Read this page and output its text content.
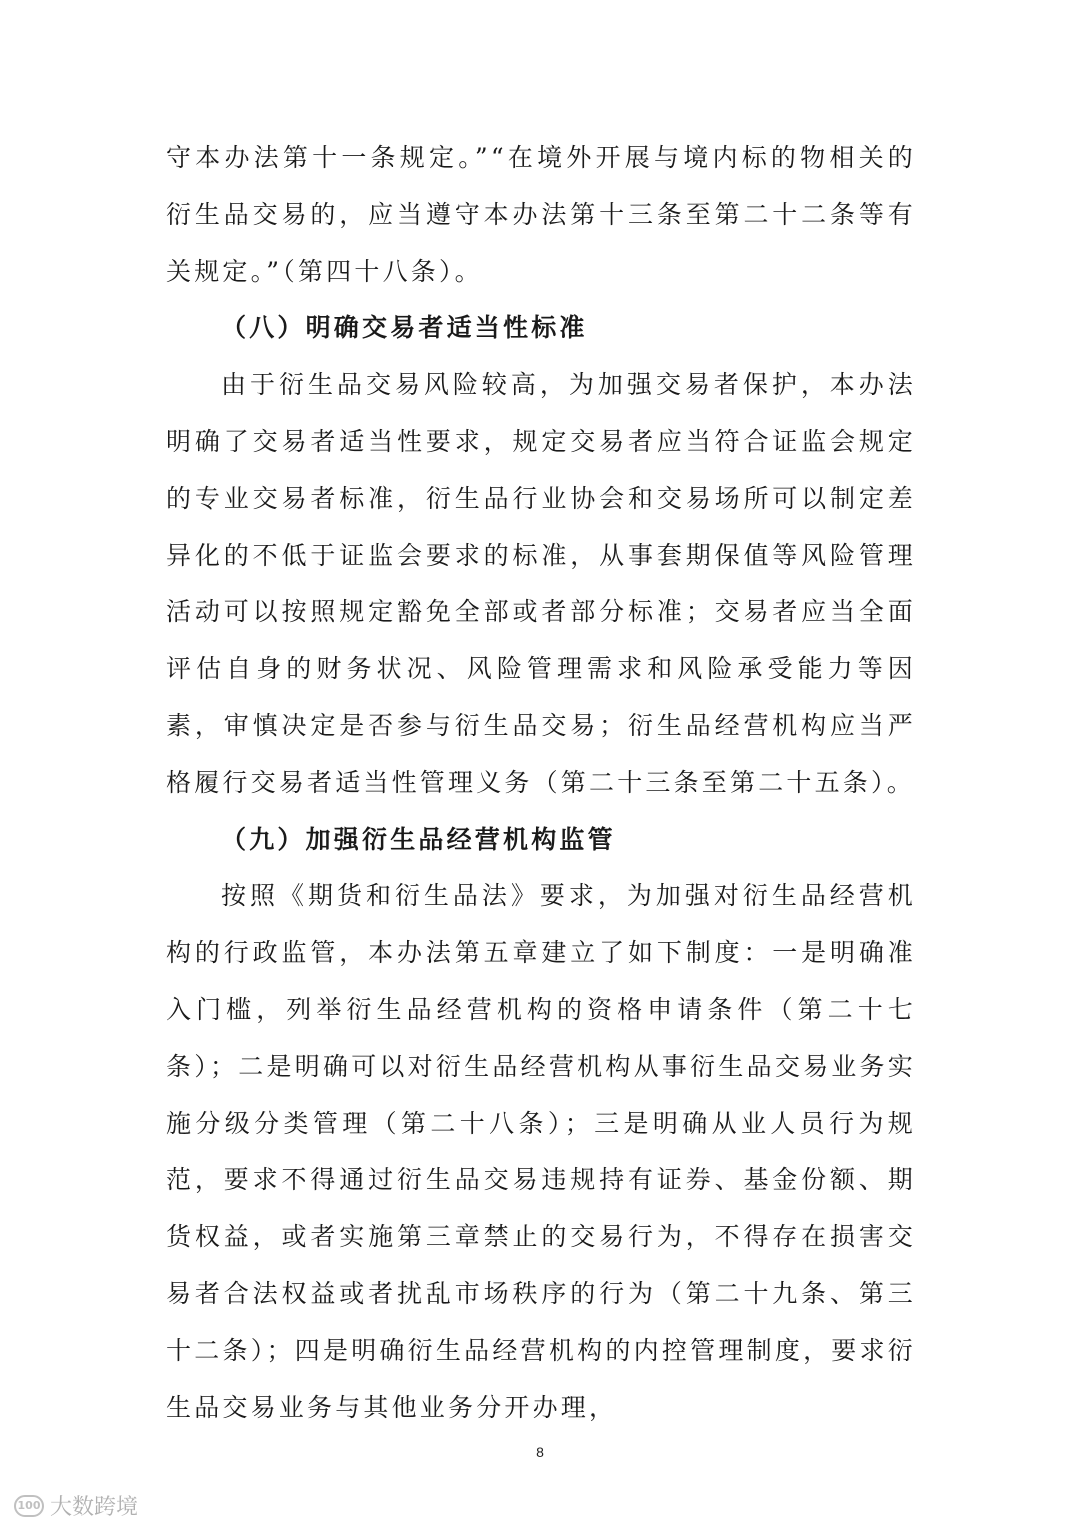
守本办法第十一条规定。”“在境外开展与境内标的物相关的衍生品交易的，应当遵守本办法第十三条至第二十二条等有关规定。”（第四十八条）。

（八）明确交易者适当性标准

由于衍生品交易风险较高，为加强交易者保护，本办法明确了交易者适当性要求，规定交易者应当符合证监会规定的专业交易者标准，衍生品行业协会和交易场所可以制定差异化的不低于证监会要求的标准，从事套期保值等风险管理活动可以按照规定豁免全部或者部分标准；交易者应当全面评估自身的财务状况、风险管理需求和风险承受能力等因素，审慎决定是否参与衍生品交易；衍生品经营机构应当严格履行交易者适当性管理义务（第二十三条至第二十五条）。

（九）加强衍生品经营机构监管

按照《期货和衍生品法》要求，为加强对衍生品经营机构的行政监管，本办法第五章建立了如下制度：一是明确准入门槛，列举衍生品经营机构的资格申请条件（第二十七条）；二是明确可以对衍生品经营机构从事衍生品交易业务实施分级分类管理（第二十八条）；三是明确从业人员行为规范，要求不得通过衍生品交易违规持有证券、基金份额、期货权益，或者实施第三章禁止的交易行为，不得存在损害交易者合法权益或者扰乱市场秩序的行为（第二十九条、第三十二条）；四是明确衍生品经营机构的内控管理制度，要求衍生品交易业务与其他业务分开办理，

8
100 大数跨境
